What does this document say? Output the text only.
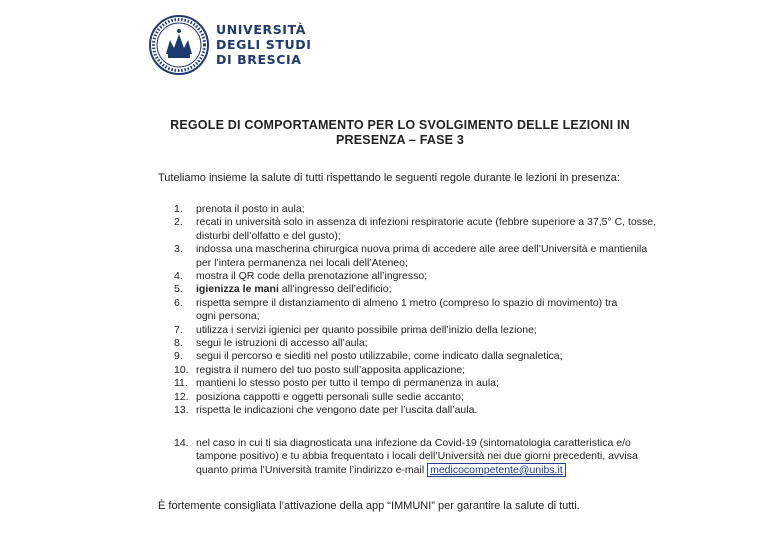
UNIVERSITÀ
DEGLI STUDI
DI BRESCIA
REGOLE DI COMPORTAMENTO PER LO SVOLGIMENTO DELLE LEZIONI IN
PRESENZA – FASE 3
Tuteliamo insieme la salute di tutti rispettando le seguenti regole durante le lezioni in presenza:
1. prenota il posto in aula;
2. recati in università solo in assenza di infezioni respiratorie acute (febbre superiore a 37,5° C, tosse,
disturbi dell’olfatto e del gusto);
3. indossa una mascherina chirurgica nuova prima di accedere alle aree dell’Università e mantienila
per l’intera permanenza nei locali dell’Ateneo;
4. mostra il QR code della prenotazione all’ingresso;
5. igienizza le mani all’ingresso dell’edificio;
6. rispetta sempre il distanziamento di almeno 1 metro (compreso lo spazio di movimento) tra
ogni persona;
7. utilizza i servizi igienici per quanto possibile prima dell’inizio della lezione;
8. segui le istruzioni di accesso all’aula;
9. segui il percorso e siediti nel posto utilizzabile, come indicato dalla segnaletica;
10. registra il numero del tuo posto sull’apposita applicazione;
11. mantieni lo stesso posto per tutto il tempo di permanenza in aula;
12. posiziona cappotti e oggetti personali sulle sedie accanto;
13. rispetta le indicazioni che vengono date per l’uscita dall’aula.
14. nel caso in cui ti sia diagnosticata una infezione da Covid-19 (sintomatologia caratteristica e/o
tampone positivo) e tu abbia frequentato i locali dell’Università nei due giorni precedenti, avvisa
quanto prima l’Università tramite l’indirizzo e-mail medicocompetente@unibs.it
È fortemente consigliata l’attivazione della app “IMMUNI” per garantire la salute di tutti.
